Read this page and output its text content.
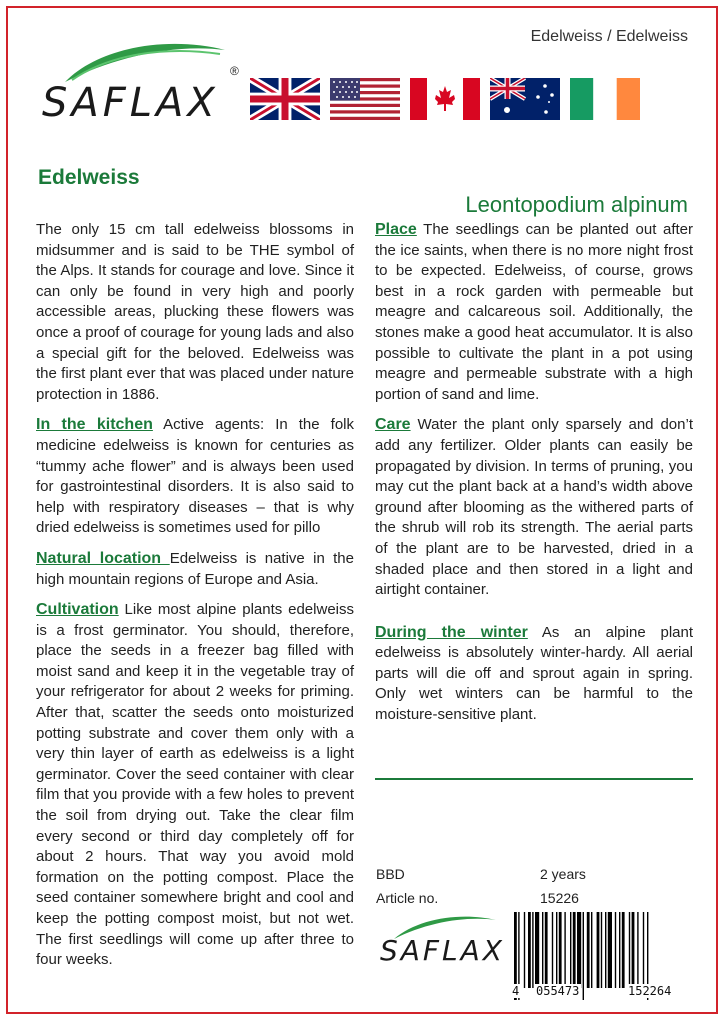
Edelweiss / Edelweiss
SAFLAX
®
Edelweiss
Leontopodium alpinum

The only 15 cm tall edelweiss blossoms in midsummer and is said to be THE symbol of the Alps. It stands for courage and love. Since it can only be found in very high and poorly accessible areas, plucking these flowers was once a proof of courage for young lads and also a special gift for the beloved. Edelweiss was the first plant ever that was placed under nature protection in 1886.

In the kitchen Active agents: In the folk medicine edelweiss is known for centuries as “tummy ache flower” and is always been used for gastrointestinal disorders. It is also said to help with respiratory diseases – that is why dried edelweiss is sometimes used for pillo

Natural location Edelweiss is native in the high mountain regions of Europe and Asia.

Cultivation Like most alpine plants edelweiss is a frost germinator. You should, therefore, place the seeds in a freezer bag filled with moist sand and keep it in the vegetable tray of your refrigerator for about 2 weeks for priming. After that, scatter the seeds onto moisturized potting substrate and cover them only with a very thin layer of earth as edelweiss is a light germinator. Cover the seed container with clear film that you provide with a few holes to prevent the soil from drying out. Take the clear film every second or third day completely off for about 2 hours. That way you avoid mold formation on the potting compost. Place the seed container somewhere bright and cool and keep the potting compost moist, but not wet. The first seedlings will come up after three to four weeks.

Place The seedlings can be planted out after the ice saints, when there is no more night frost to be expected. Edelweiss, of course, grows best in a rock garden with permeable but meagre and calcareous soil. Additionally, the stones make a good heat accumulator. It is also possible to cultivate the plant in a pot using meagre and permeable substrate with a high portion of sand and lime.

Care Water the plant only sparsely and don’t add any fertilizer. Older plants can easily be propagated by division. In terms of pruning, you may cut the plant back at a hand’s width above ground after blooming as the withered parts of the shrub will rob its strength. The aerial parts of the plant are to be harvested, dried in a shaded place and then stored in a light and airtight container.

During the winter As an alpine plant edelweiss is absolutely winter-hardy. All aerial parts will die off and sprout again in spring. Only wet winters can be harmful to the moisture-sensitive plant.

BBD	2 years
Article no.	15226
SAFLAX
4 055473	152264
